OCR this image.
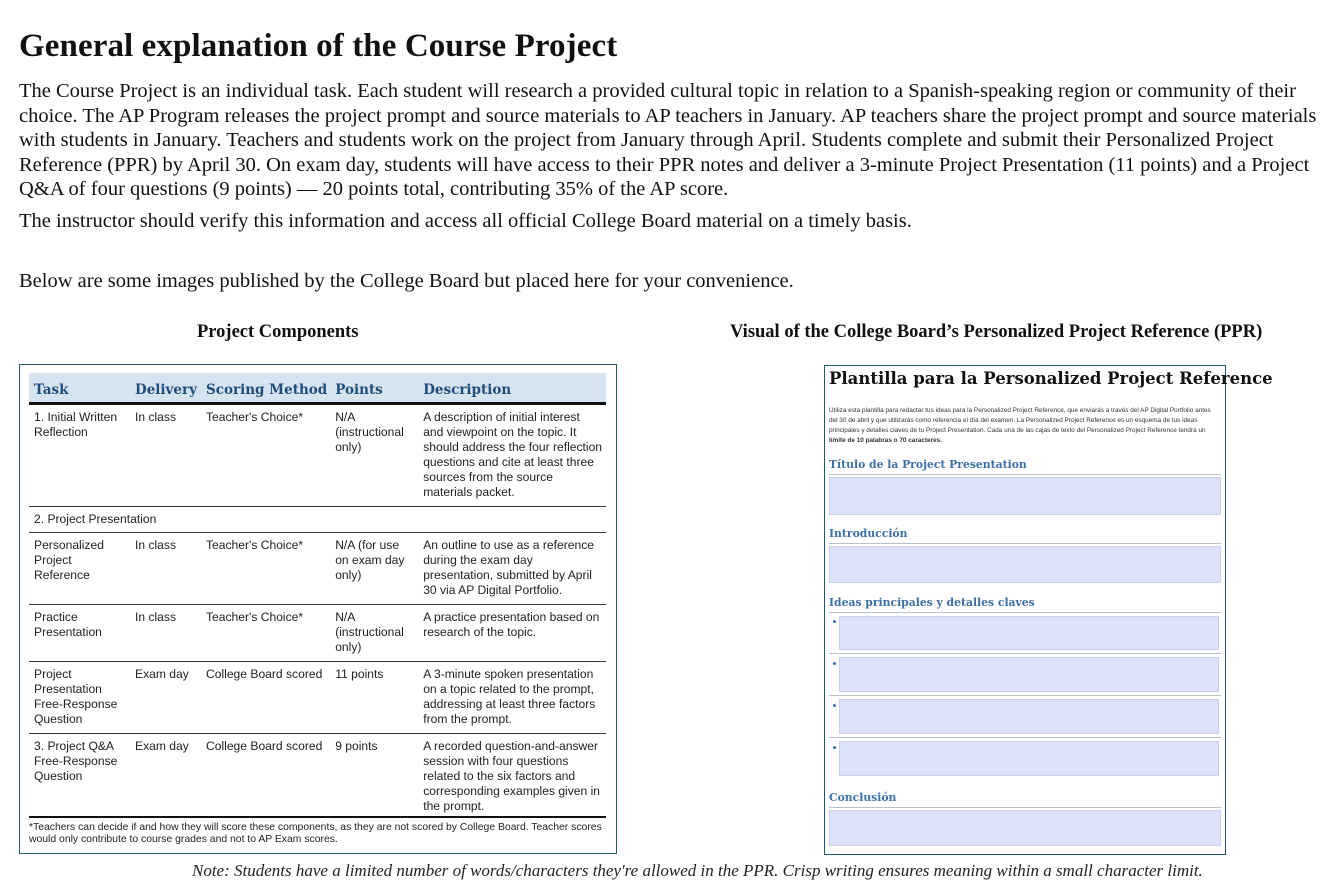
General explanation of the Course Project

The Course Project is an individual task. Each student will research a provided cultural topic in relation to a Spanish-speaking region or community of their choice. The AP Program releases the project prompt and source materials to AP teachers in January. AP teachers share the project prompt and source materials with students in January. Teachers and students work on the project from January through April. Students complete and submit their Personalized Project Reference (PPR) by April 30. On exam day, students will have access to their PPR notes and deliver a 3-minute Project Presentation (11 points) and a Project Q&A of four questions (9 points) — 20 points total, contributing 35% of the AP score.

The instructor should verify this information and access all official College Board material on a timely basis.

Below are some images published by the College Board but placed here for your convenience.

Project Components	Visual of the College Board’s Personalized Project Reference (PPR)

Task	Delivery	Scoring Method	Points	Description
1. Initial Written Reflection	In class	Teacher's Choice*	N/A (instructional only)	A description of initial interest and viewpoint on the topic. It should address the four reflection questions and cite at least three sources from the source materials packet.
2. Project Presentation				
Personalized Project Reference	In class	Teacher's Choice*	N/A (for use on exam day only)	An outline to use as a reference during the exam day presentation, submitted by April 30 via AP Digital Portfolio.
Practice Presentation	In class	Teacher's Choice*	N/A (instructional only)	A practice presentation based on research of the topic.
Project Presentation Free-Response Question	Exam day	College Board scored	11 points	A 3-minute spoken presentation on a topic related to the prompt, addressing at least three factors from the prompt.
3. Project Q&A Free-Response Question	Exam day	College Board scored	9 points	A recorded question-and-answer session with four questions related to the six factors and corresponding examples given in the prompt.

*Teachers can decide if and how they will score these components, as they are not scored by College Board. Teacher scores would only contribute to course grades and not to AP Exam scores.

Plantilla para la Personalized Project Reference

Utiliza esta plantilla para redactar tus ideas para la Personalized Project Reference, que enviarás a través del AP Digital Portfolio antes del 30 de abril y que utilizarás como referencia el día del examen. La Personalized Project Reference es un esquema de tus ideas principales y detalles claves de tu Project Presentation. Cada una de las cajas de texto del Personalized Project Reference tendrá un límite de 10 palabras o 70 caracteres.

Título de la Project Presentation

Introducción

Ideas principales y detalles claves

Conclusión

Note: Students have a limited number of words/characters they're allowed in the PPR. Crisp writing ensures meaning within a small character limit.
